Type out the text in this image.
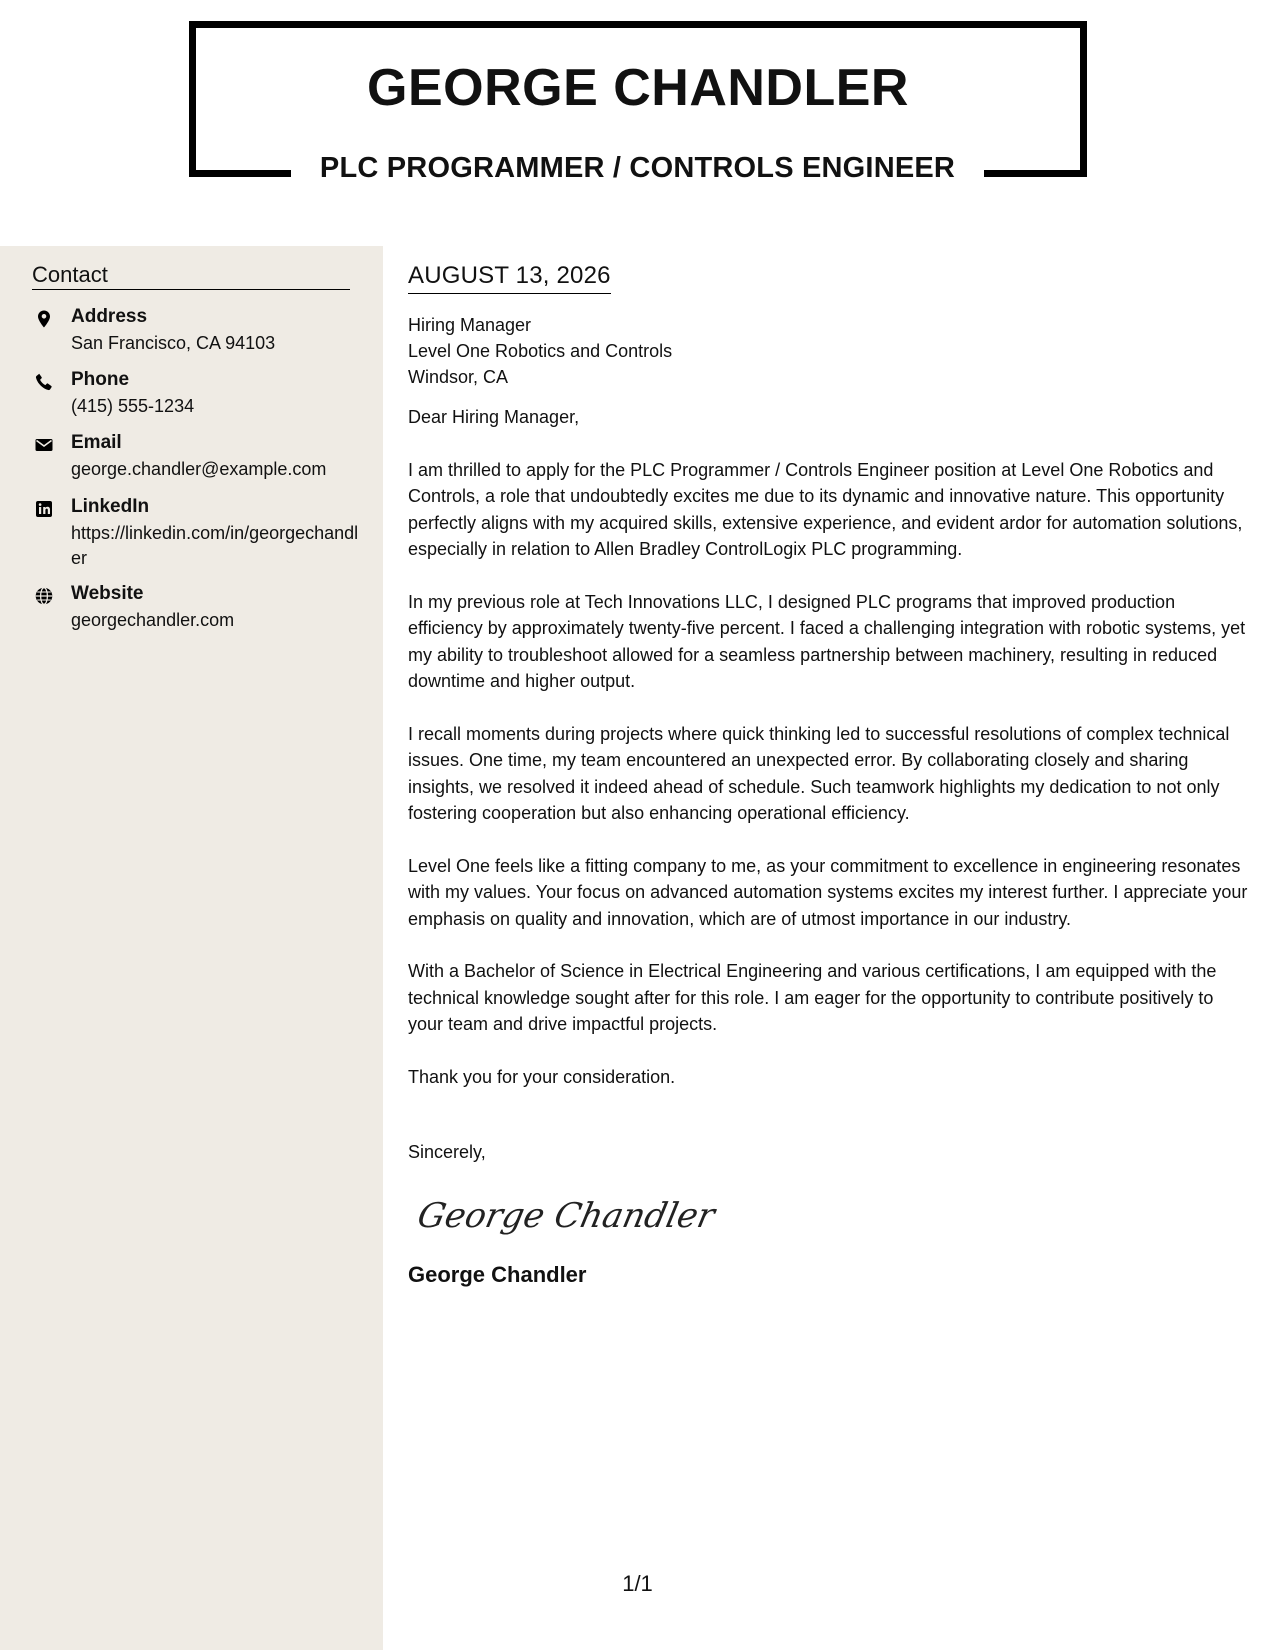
GEORGE CHANDLER
PLC PROGRAMMER / CONTROLS ENGINEER
Contact
Address
San Francisco, CA 94103
Phone
(415) 555-1234
Email
george.chandler@example.com
LinkedIn
https://linkedin.com/in/georgechandler
Website
georgechandler.com
AUGUST 13, 2026
Hiring Manager
Level One Robotics and Controls
Windsor, CA

Dear Hiring Manager,

I am thrilled to apply for the PLC Programmer / Controls Engineer position at Level One Robotics and Controls, a role that undoubtedly excites me due to its dynamic and innovative nature. This opportunity perfectly aligns with my acquired skills, extensive experience, and evident ardor for automation solutions, especially in relation to Allen Bradley ControlLogix PLC programming.

In my previous role at Tech Innovations LLC, I designed PLC programs that improved production efficiency by approximately twenty-five percent. I faced a challenging integration with robotic systems, yet my ability to troubleshoot allowed for a seamless partnership between machinery, resulting in reduced downtime and higher output.

I recall moments during projects where quick thinking led to successful resolutions of complex technical issues. One time, my team encountered an unexpected error. By collaborating closely and sharing insights, we resolved it indeed ahead of schedule. Such teamwork highlights my dedication to not only fostering cooperation but also enhancing operational efficiency.

Level One feels like a fitting company to me, as your commitment to excellence in engineering resonates with my values. Your focus on advanced automation systems excites my interest further. I appreciate your emphasis on quality and innovation, which are of utmost importance in our industry.

With a Bachelor of Science in Electrical Engineering and various certifications, I am equipped with the technical knowledge sought after for this role. I am eager for the opportunity to contribute positively to your team and drive impactful projects.

Thank you for your consideration.

Sincerely,
George Chandler
George Chandler
1/1
